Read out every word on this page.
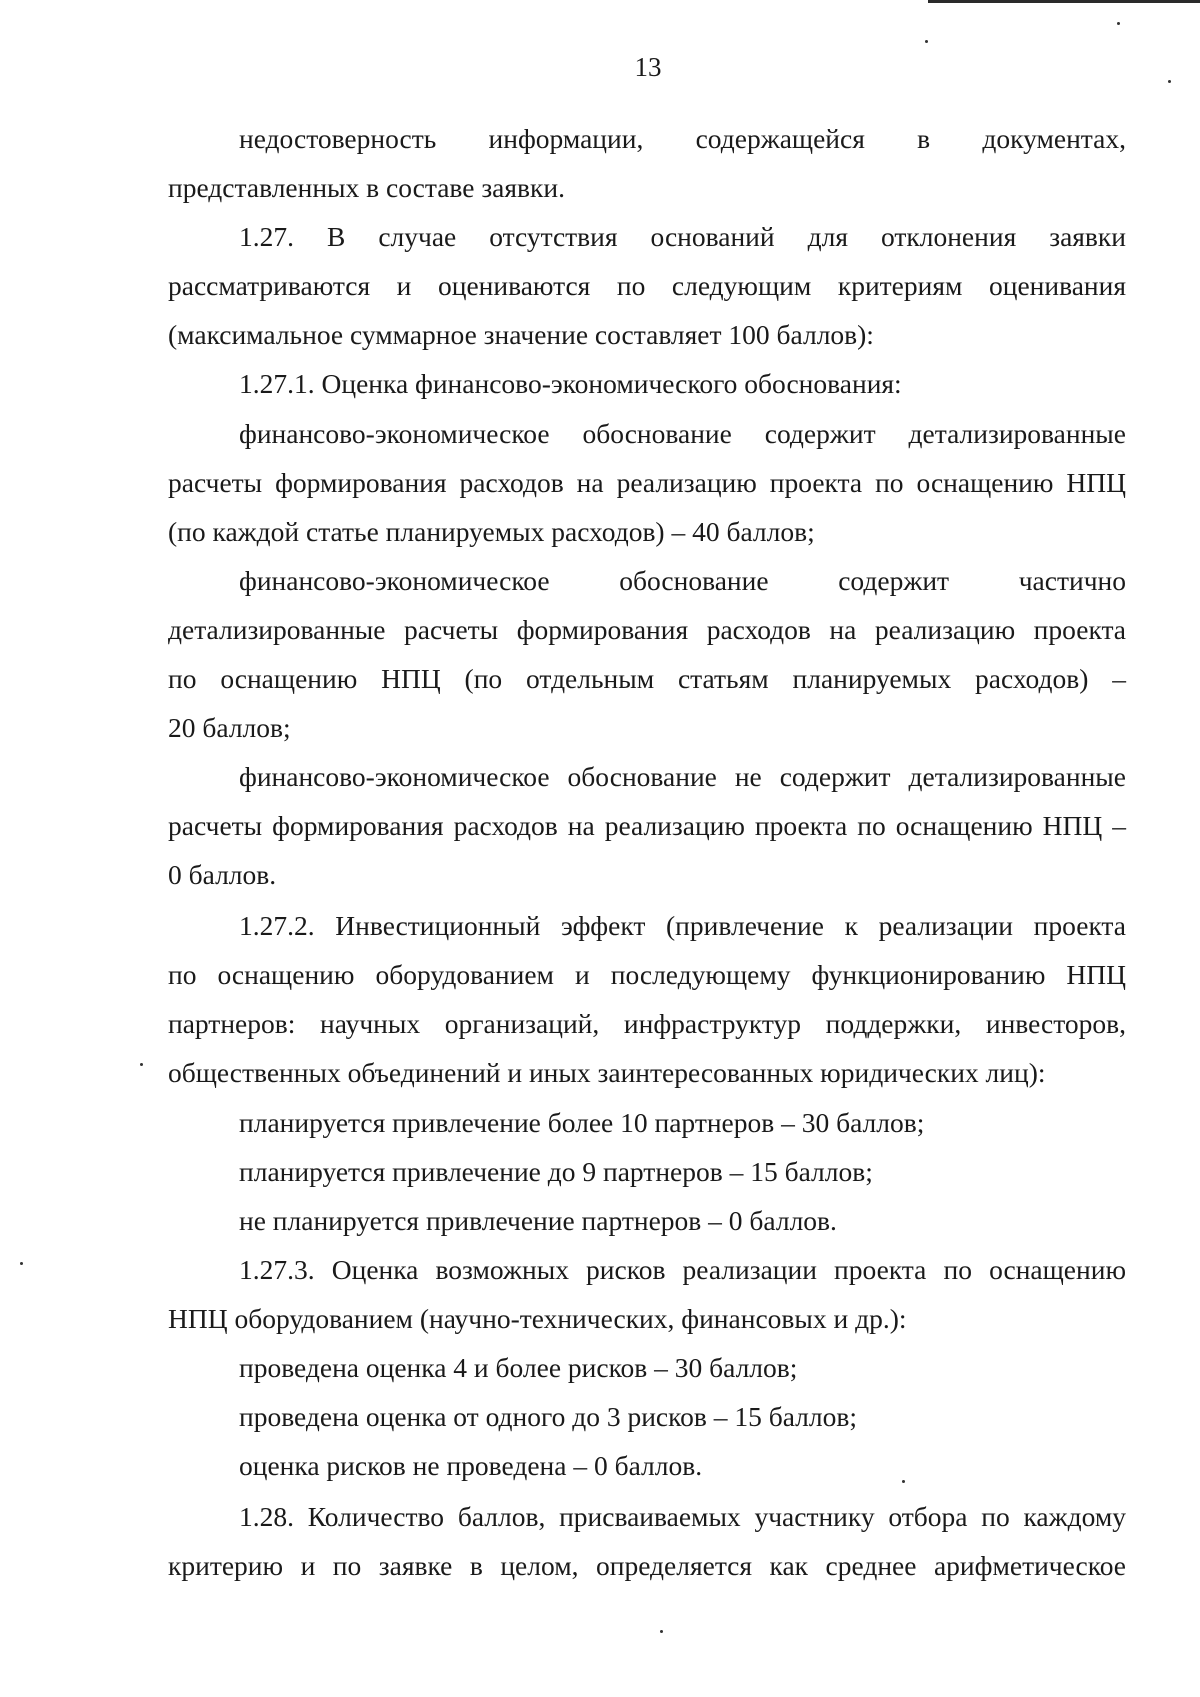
13
недостоверность информации, содержащейся в документах,
представленных в составе заявки.
1.27. В случае отсутствия оснований для отклонения заявки
рассматриваются и оцениваются по следующим критериям оценивания
(максимальное суммарное значение составляет 100 баллов):
1.27.1. Оценка финансово-экономического обоснования:
финансово-экономическое обоснование содержит детализированные
расчеты формирования расходов на реализацию проекта по оснащению НПЦ
(по каждой статье планируемых расходов) – 40 баллов;
финансово-экономическое обоснование содержит частично
детализированные расчеты формирования расходов на реализацию проекта
по оснащению НПЦ (по отдельным статьям планируемых расходов) –
20 баллов;
финансово-экономическое обоснование не содержит детализированные
расчеты формирования расходов на реализацию проекта по оснащению НПЦ –
0 баллов.
1.27.2. Инвестиционный эффект (привлечение к реализации проекта
по оснащению оборудованием и последующему функционированию НПЦ
партнеров: научных организаций, инфраструктур поддержки, инвесторов,
общественных объединений и иных заинтересованных юридических лиц):
планируется привлечение более 10 партнеров – 30 баллов;
планируется привлечение до 9 партнеров – 15 баллов;
не планируется привлечение партнеров – 0 баллов.
1.27.3. Оценка возможных рисков реализации проекта по оснащению
НПЦ оборудованием (научно-технических, финансовых и др.):
проведена оценка 4 и более рисков – 30 баллов;
проведена оценка от одного до 3 рисков – 15 баллов;
оценка рисков не проведена – 0 баллов.
1.28. Количество баллов, присваиваемых участнику отбора по каждому
критерию и по заявке в целом, определяется как среднее арифметическое
